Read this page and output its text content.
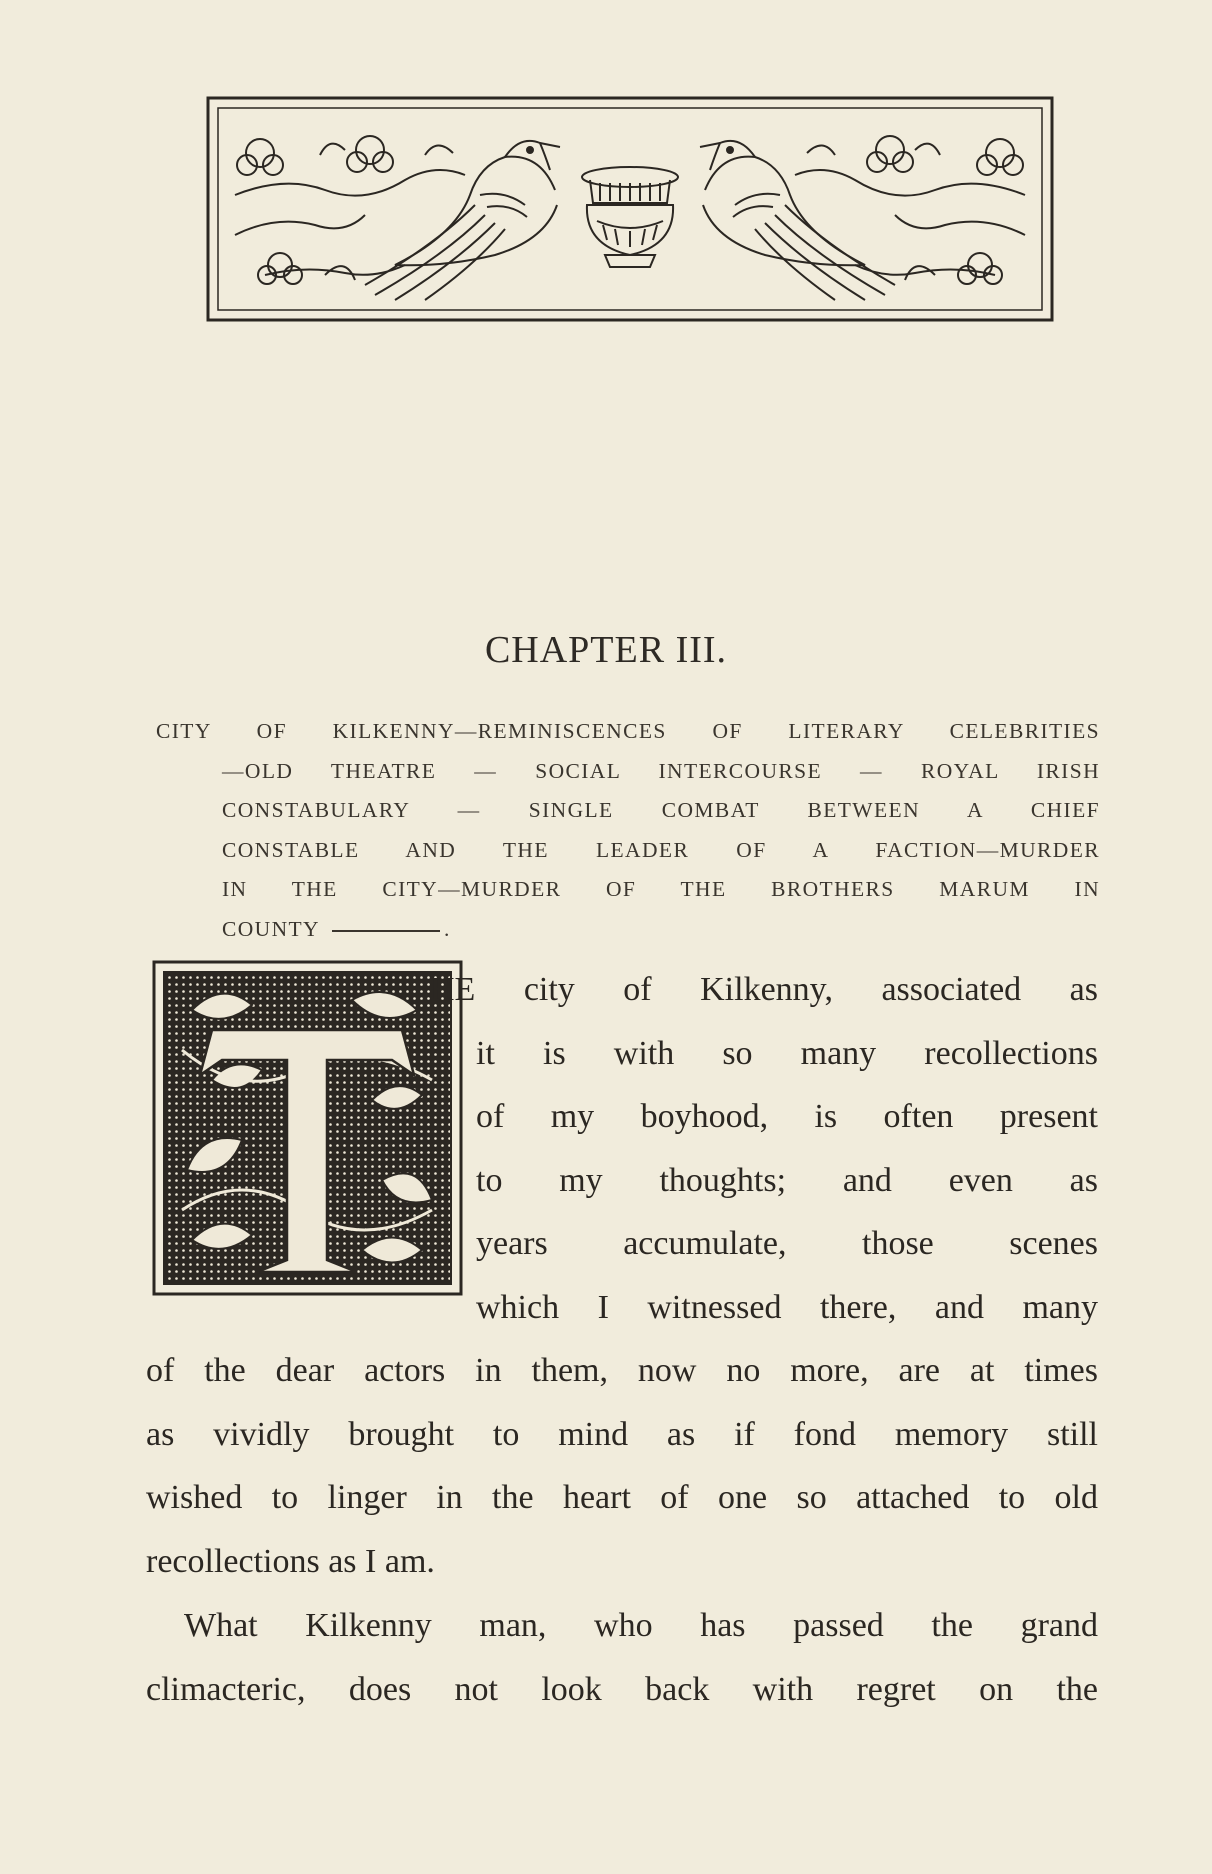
CHAPTER III.
CITY OF KILKENNY—REMINISCENCES OF LITERARY CELEBRITIES
—OLD THEATRE — SOCIAL INTERCOURSE — ROYAL IRISH
CONSTABULARY — SINGLE COMBAT BETWEEN A CHIEF
CONSTABLE AND THE LEADER OF A FACTION—MURDER
IN THE CITY—MURDER OF THE BROTHERS MARUM IN
COUNTY	.
HE city of Kilkenny, associated as
it is with so many recollections
of my boyhood, is often present
to my thoughts; and even as
years accumulate, those scenes
which I witnessed there, and many
of the dear actors in them, now no more, are at times
as vividly brought to mind as if fond memory still
wished to linger in the heart of one so attached to old
recollections as I am.
What Kilkenny man, who has passed the grand
climacteric, does not look back with regret on the
